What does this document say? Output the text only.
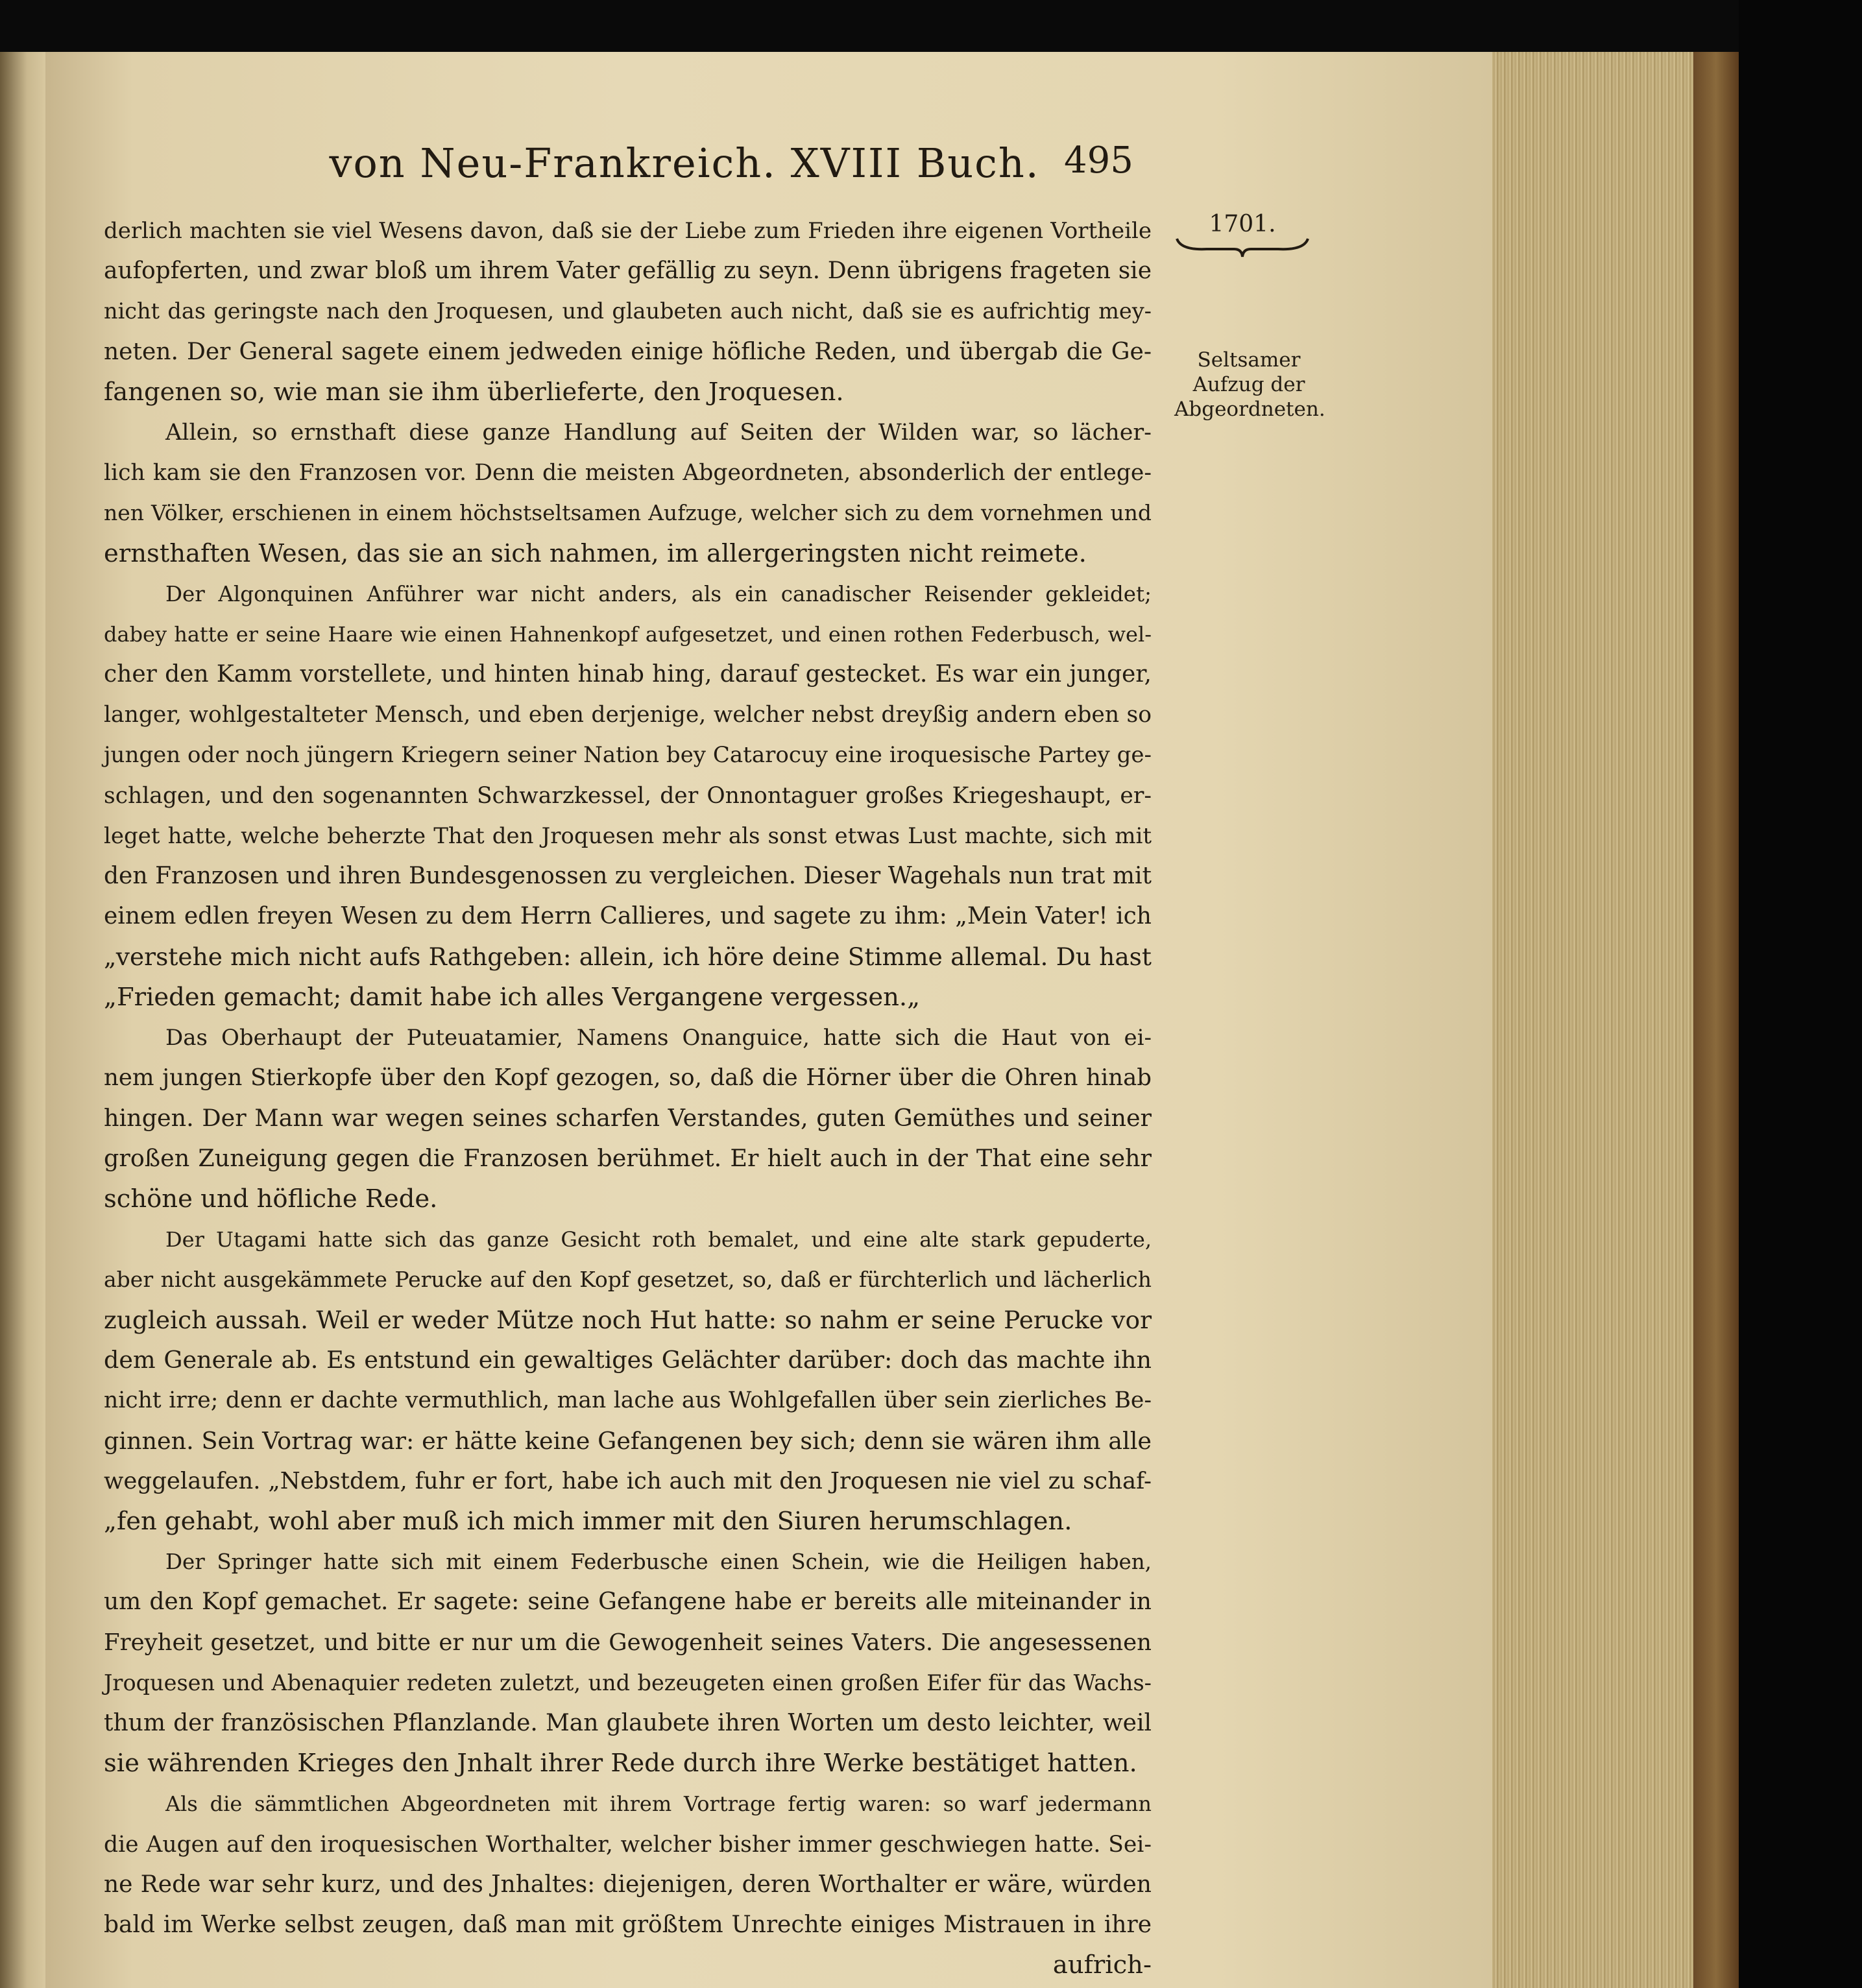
von Neu-Frankreich. XVIII Buch. 495
derlich machten sie viel Wesens davon, daß sie der Liebe zum Frieden ihre eigenen Vortheile
aufopferten, und zwar bloß um ihrem Vater gefällig zu seyn. Denn übrigens frageten sie
nicht das geringste nach den Jroquesen, und glaubeten auch nicht, daß sie es aufrichtig mey-
neten. Der General sagete einem jedweden einige höfliche Reden, und übergab die Ge-
fangenen so, wie man sie ihm überlieferte, den Jroquesen.
Allein, so ernsthaft diese ganze Handlung auf Seiten der Wilden war, so lächer-
lich kam sie den Franzosen vor. Denn die meisten Abgeordneten, absonderlich der entlege-
nen Völker, erschienen in einem höchstseltsamen Aufzuge, welcher sich zu dem vornehmen und
ernsthaften Wesen, das sie an sich nahmen, im allergeringsten nicht reimete.
Der Algonquinen Anführer war nicht anders, als ein canadischer Reisender gekleidet;
dabey hatte er seine Haare wie einen Hahnenkopf aufgesetzet, und einen rothen Federbusch, wel-
cher den Kamm vorstellete, und hinten hinab hing, darauf gestecket. Es war ein junger,
langer, wohlgestalteter Mensch, und eben derjenige, welcher nebst dreyßig andern eben so
jungen oder noch jüngern Kriegern seiner Nation bey Catarocuy eine iroquesische Partey ge-
schlagen, und den sogenannten Schwarzkessel, der Onnontaguer großes Kriegeshaupt, er-
leget hatte, welche beherzte That den Jroquesen mehr als sonst etwas Lust machte, sich mit
den Franzosen und ihren Bundesgenossen zu vergleichen. Dieser Wagehals nun trat mit
einem edlen freyen Wesen zu dem Herrn Callieres, und sagete zu ihm: „Mein Vater! ich
„verstehe mich nicht aufs Rathgeben: allein, ich höre deine Stimme allemal. Du hast
„Frieden gemacht; damit habe ich alles Vergangene vergessen.„
Das Oberhaupt der Puteuatamier, Namens Onanguice, hatte sich die Haut von ei-
nem jungen Stierkopfe über den Kopf gezogen, so, daß die Hörner über die Ohren hinab
hingen. Der Mann war wegen seines scharfen Verstandes, guten Gemüthes und seiner
großen Zuneigung gegen die Franzosen berühmet. Er hielt auch in der That eine sehr
schöne und höfliche Rede.
Der Utagami hatte sich das ganze Gesicht roth bemalet, und eine alte stark gepuderte,
aber nicht ausgekämmete Perucke auf den Kopf gesetzet, so, daß er fürchterlich und lächerlich
zugleich aussah. Weil er weder Mütze noch Hut hatte: so nahm er seine Perucke vor
dem Generale ab. Es entstund ein gewaltiges Gelächter darüber: doch das machte ihn
nicht irre; denn er dachte vermuthlich, man lache aus Wohlgefallen über sein zierliches Be-
ginnen. Sein Vortrag war: er hätte keine Gefangenen bey sich; denn sie wären ihm alle
weggelaufen. „Nebstdem, fuhr er fort, habe ich auch mit den Jroquesen nie viel zu schaf-
„fen gehabt, wohl aber muß ich mich immer mit den Siuren herumschlagen.
Der Springer hatte sich mit einem Federbusche einen Schein, wie die Heiligen haben,
um den Kopf gemachet. Er sagete: seine Gefangene habe er bereits alle miteinander in
Freyheit gesetzet, und bitte er nur um die Gewogenheit seines Vaters. Die angesessenen
Jroquesen und Abenaquier redeten zuletzt, und bezeugeten einen großen Eifer für das Wachs-
thum der französischen Pflanzlande. Man glaubete ihren Worten um desto leichter, weil
sie währenden Krieges den Jnhalt ihrer Rede durch ihre Werke bestätiget hatten.
Als die sämmtlichen Abgeordneten mit ihrem Vortrage fertig waren: so warf jedermann
die Augen auf den iroquesischen Worthalter, welcher bisher immer geschwiegen hatte. Sei-
ne Rede war sehr kurz, und des Jnhaltes: diejenigen, deren Worthalter er wäre, würden
bald im Werke selbst zeugen, daß man mit größtem Unrechte einiges Mistrauen in ihre
aufrich-
1701.
Seltsamer
Aufzug der
Abgeordneten.
